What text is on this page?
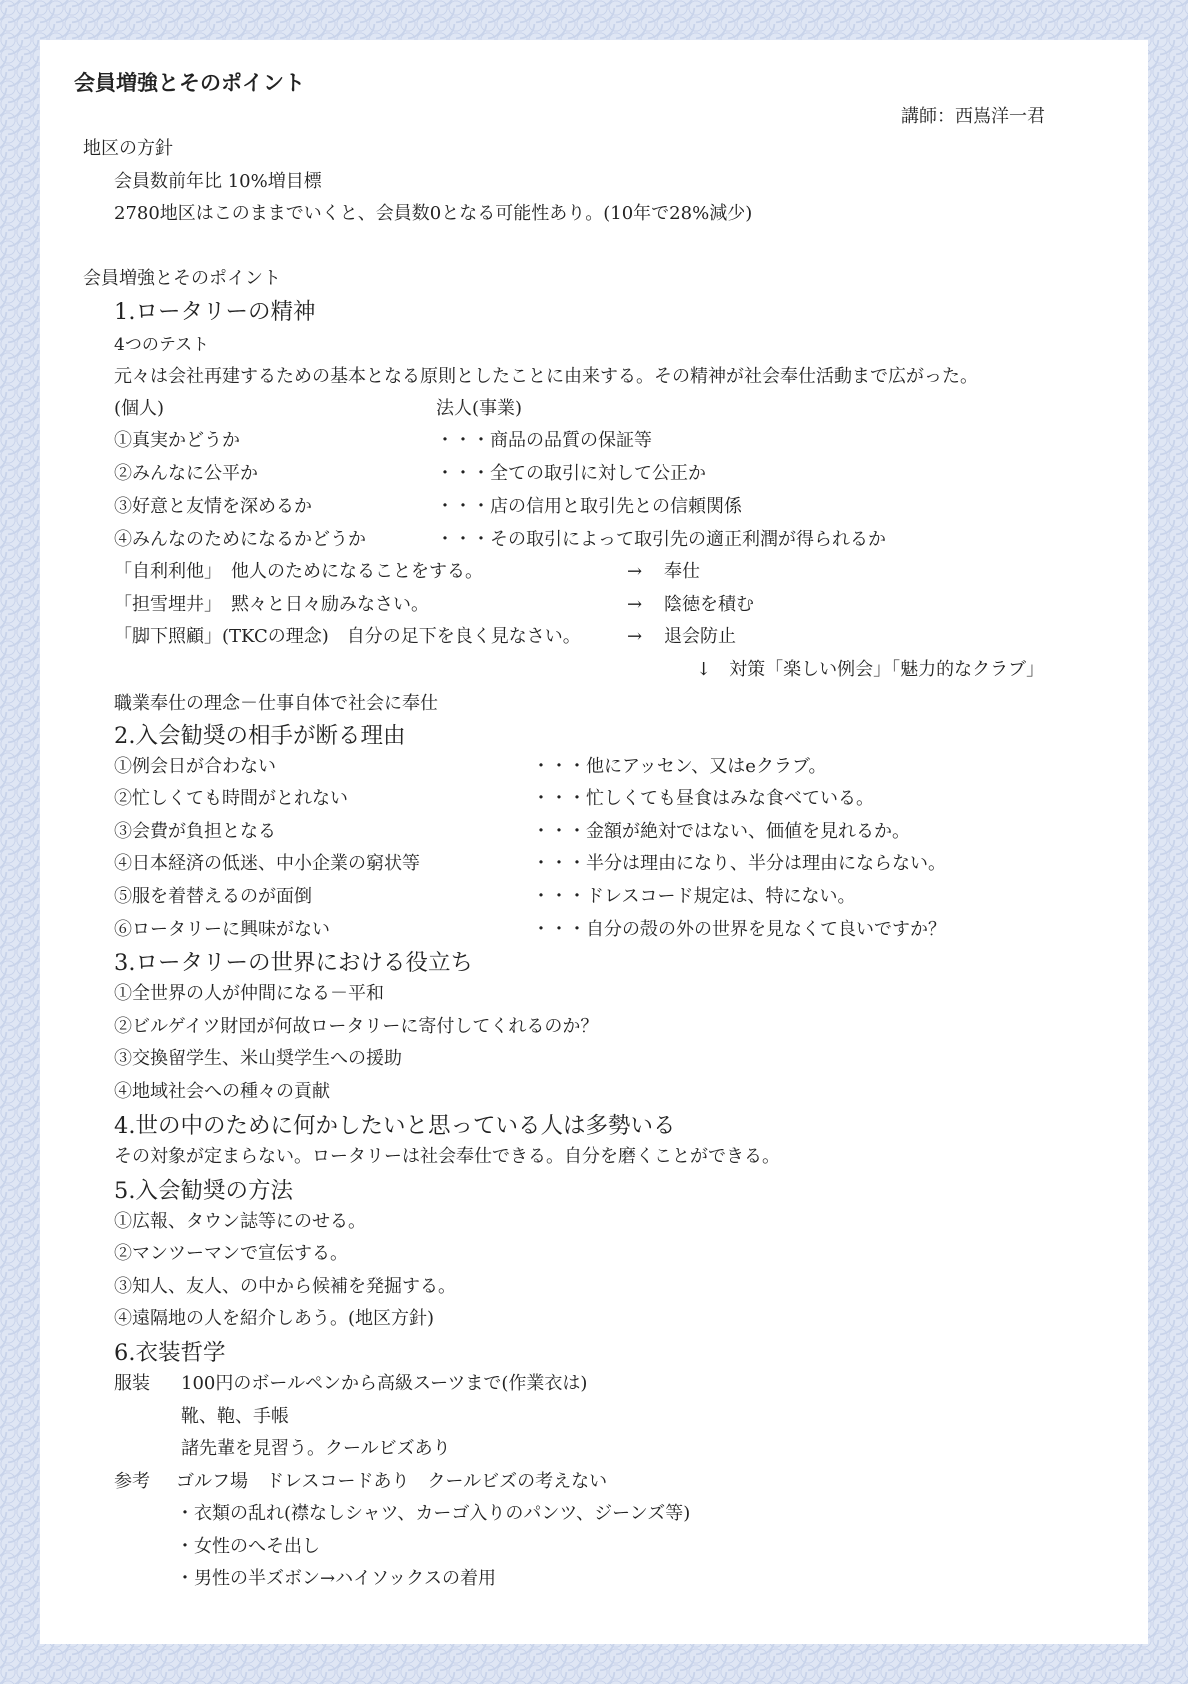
会員増強とそのポイント
講師：西嶌洋一君
地区の方針
会員数前年比 10%増目標
2780地区はこのままでいくと、会員数0となる可能性あり。(10年で28%減少)
会員増強とそのポイント
1.ロータリーの精神
4つのテスト
元々は会社再建するための基本となる原則としたことに由来する。その精神が社会奉仕活動まで広がった。
(個人)	法人(事業)
①真実かどうか	・・・商品の品質の保証等
②みんなに公平か	・・・全ての取引に対して公正か
③好意と友情を深めるか	・・・店の信用と取引先との信頼関係
④みんなのためになるかどうか	・・・その取引によって取引先の適正利潤が得られるか
「自利利他」　他人のためになることをする。	→ 奉仕
「担雪埋井」　黙々と日々励みなさい。	→ 陰徳を積む
「脚下照顧」(TKCの理念)　自分の足下を良く見なさい。	→ 退会防止
↓　対策「楽しい例会」「魅力的なクラブ」
職業奉仕の理念－仕事自体で社会に奉仕
2.入会勧奨の相手が断る理由
①例会日が合わない	・・・他にアッセン、又はeクラブ。
②忙しくても時間がとれない	・・・忙しくても昼食はみな食べている。
③会費が負担となる	・・・金額が絶対ではない、価値を見れるか。
④日本経済の低迷、中小企業の窮状等	・・・半分は理由になり、半分は理由にならない。
⑤服を着替えるのが面倒	・・・ドレスコード規定は、特にない。
⑥ロータリーに興味がない	・・・自分の殻の外の世界を見なくて良いですか？
3.ロータリーの世界における役立ち
①全世界の人が仲間になる－平和
②ビルゲイツ財団が何故ロータリーに寄付してくれるのか？
③交換留学生、米山奨学生への援助
④地域社会への種々の貢献
4.世の中のために何かしたいと思っている人は多勢いる
その対象が定まらない。ロータリーは社会奉仕できる。自分を磨くことができる。
5.入会勧奨の方法
①広報、タウン誌等にのせる。
②マンツーマンで宣伝する。
③知人、友人、の中から候補を発掘する。
④遠隔地の人を紹介しあう。(地区方針)
6.衣装哲学
服装 100円のボールペンから高級スーツまで(作業衣は)
靴、鞄、手帳
諸先輩を見習う。クールビズあり
参考 ゴルフ場　ドレスコードあり　クールビズの考えない
・衣類の乱れ(襟なしシャツ、カーゴ入りのパンツ、ジーンズ等)
・女性のへそ出し
・男性の半ズボン→ハイソックスの着用
